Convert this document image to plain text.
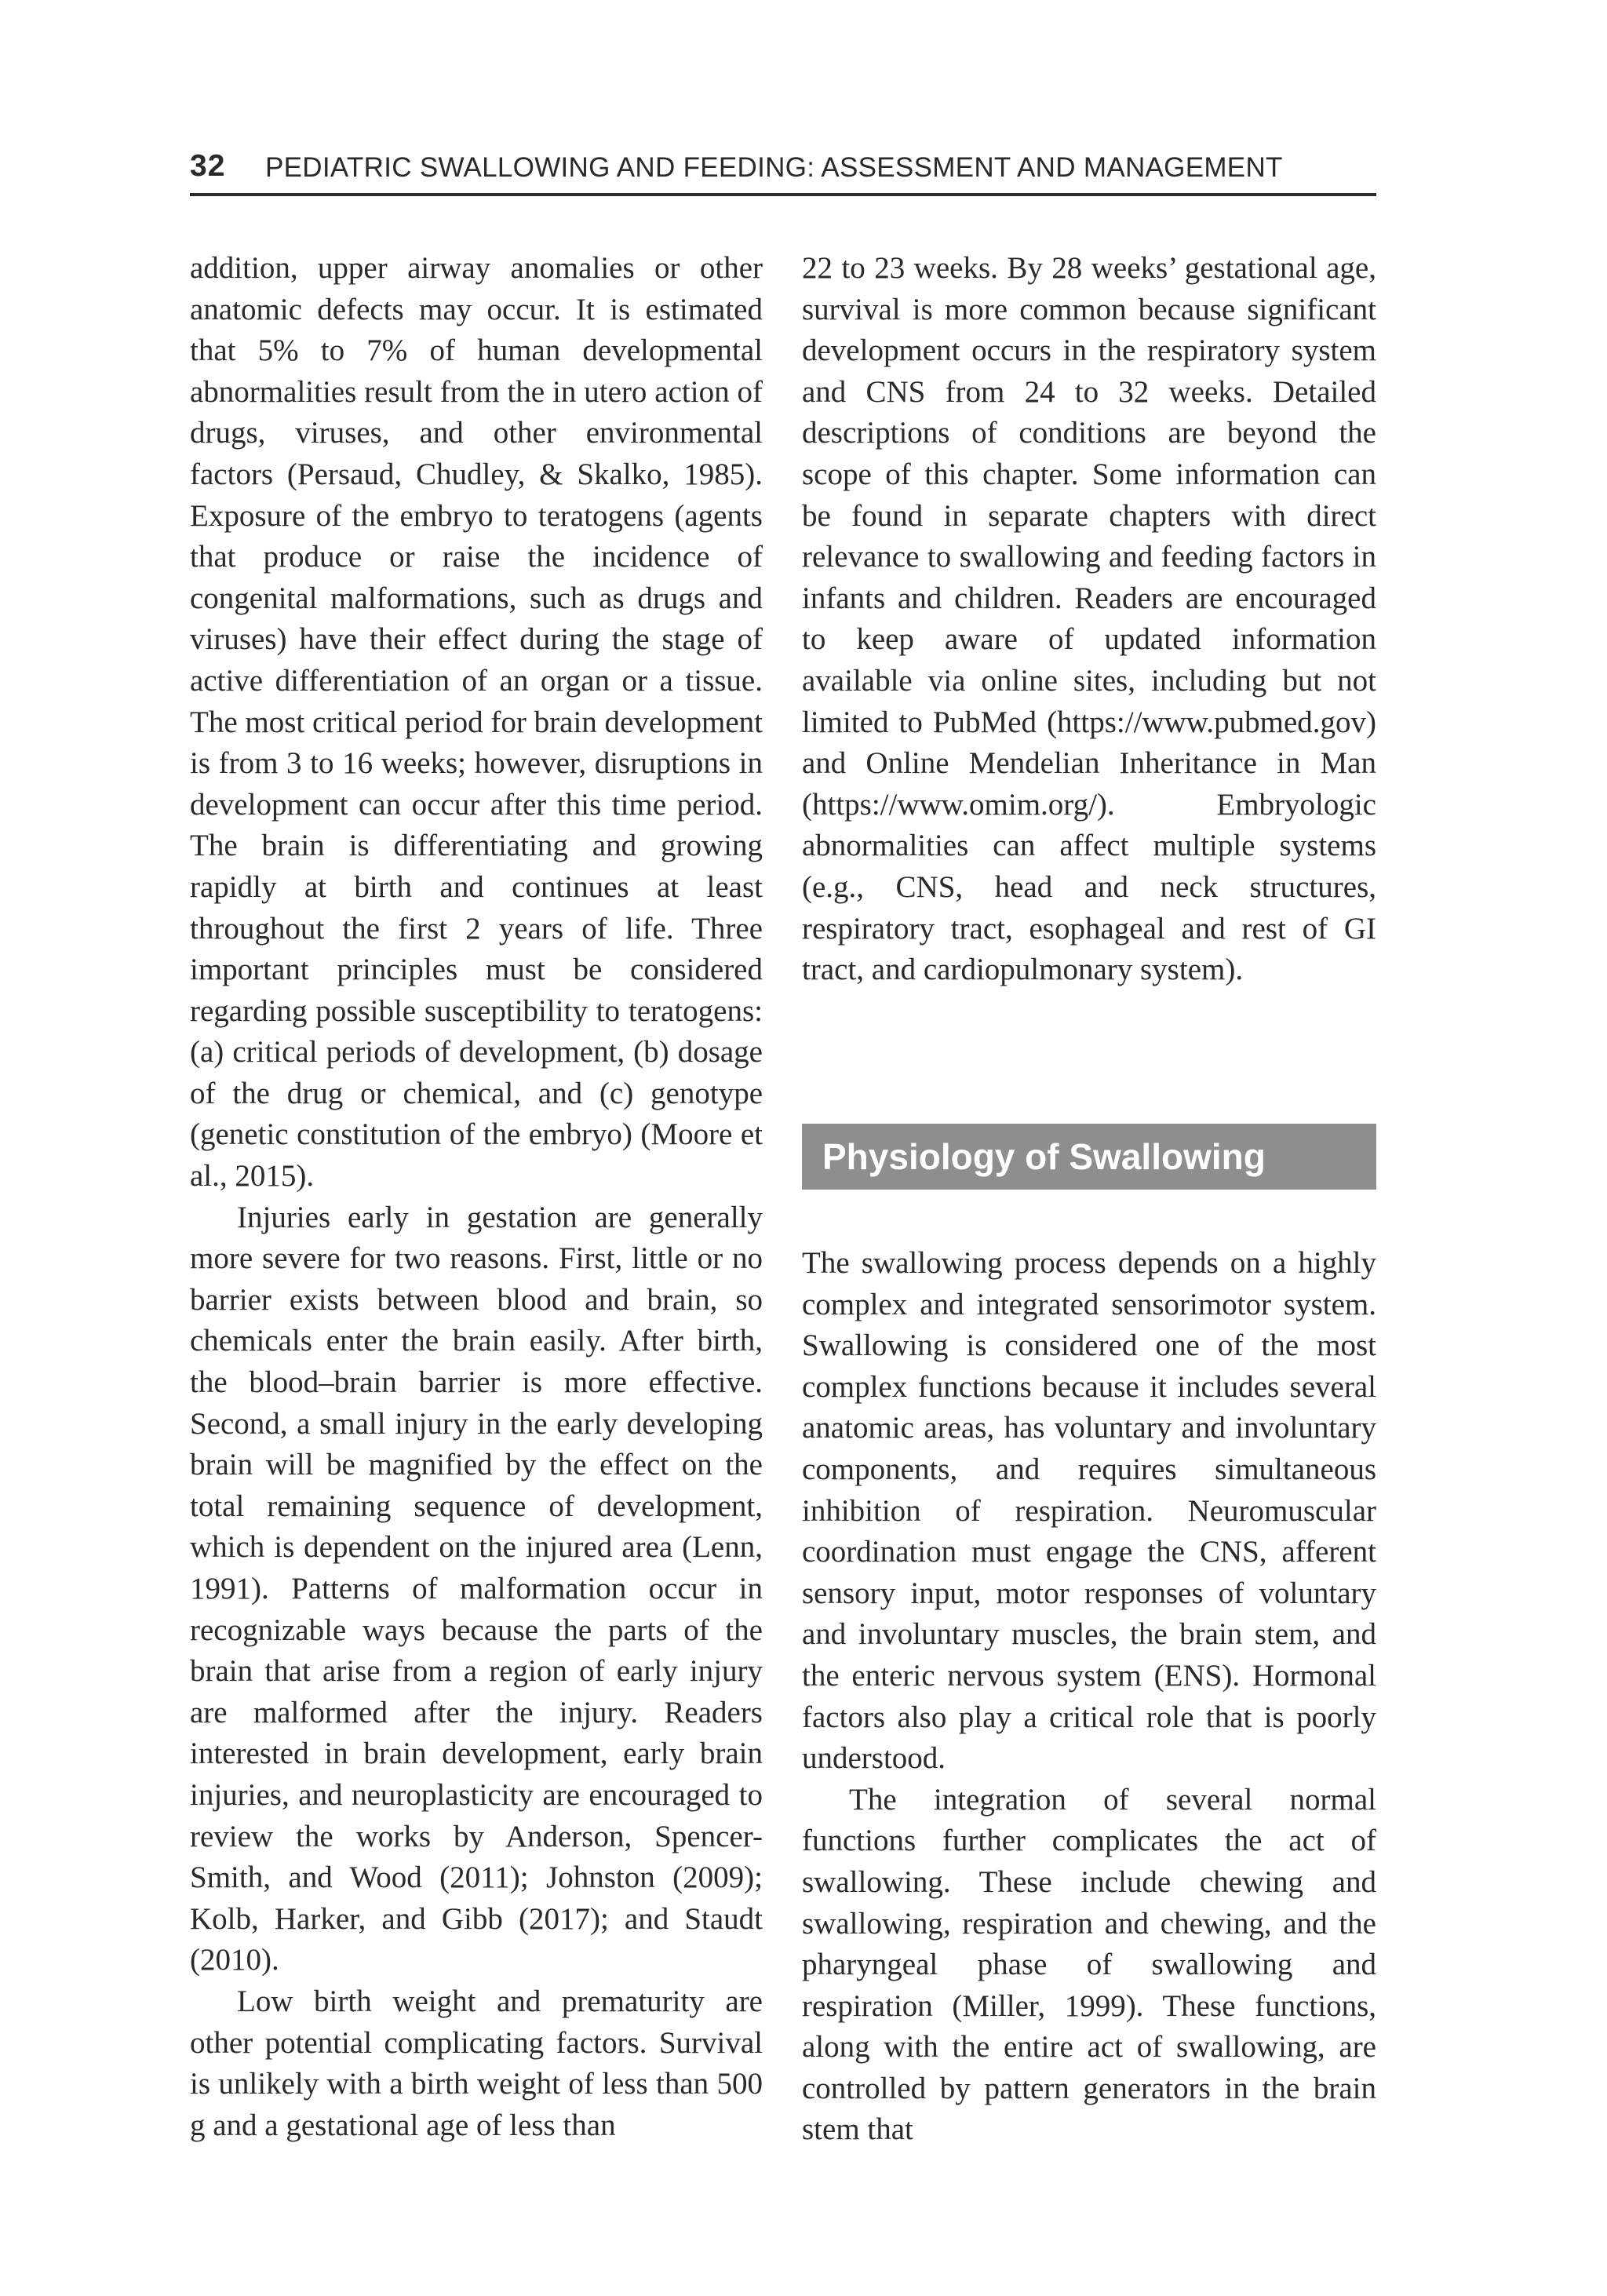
32 PEDIATRIC SWALLOWING AND FEEDING: ASSESSMENT AND MANAGEMENT

addition, upper airway anomalies or other anatomic defects may occur. It is estimated that 5% to 7% of human developmental abnormalities result from the in utero action of drugs, viruses, and other environmental factors (Persaud, Chudley, & Skalko, 1985). Exposure of the embryo to teratogens (agents that produce or raise the incidence of congenital malformations, such as drugs and viruses) have their effect during the stage of active differentiation of an organ or a tissue. The most critical period for brain development is from 3 to 16 weeks; however, disruptions in development can occur after this time period. The brain is differentiating and growing rapidly at birth and continues at least throughout the first 2 years of life. Three important principles must be considered regarding possible susceptibility to teratogens: (a) critical periods of development, (b) dosage of the drug or chemical, and (c) genotype (genetic constitution of the embryo) (Moore et al., 2015).

Injuries early in gestation are generally more severe for two reasons. First, little or no barrier exists between blood and brain, so chemicals enter the brain easily. After birth, the blood–brain barrier is more effective. Second, a small injury in the early developing brain will be magnified by the effect on the total remaining sequence of development, which is dependent on the injured area (Lenn, 1991). Patterns of malformation occur in recognizable ways because the parts of the brain that arise from a region of early injury are malformed after the injury. Readers interested in brain development, early brain injuries, and neuroplasticity are encouraged to review the works by Anderson, Spencer-Smith, and Wood (2011); Johnston (2009); Kolb, Harker, and Gibb (2017); and Staudt (2010).

Low birth weight and prematurity are other potential complicating factors. Survival is unlikely with a birth weight of less than 500 g and a gestational age of less than

22 to 23 weeks. By 28 weeks’ gestational age, survival is more common because significant development occurs in the respiratory system and CNS from 24 to 32 weeks. Detailed descriptions of conditions are beyond the scope of this chapter. Some information can be found in separate chapters with direct relevance to swallowing and feeding factors in infants and children. Readers are encouraged to keep aware of updated information available via online sites, including but not limited to PubMed (https://www.pubmed.gov) and Online Mendelian Inheritance in Man (https://www.omim.org/). Embryologic abnormalities can affect multiple systems (e.g., CNS, head and neck structures, respiratory tract, esophageal and rest of GI tract, and cardiopulmonary system).

Physiology of Swallowing

The swallowing process depends on a highly complex and integrated sensorimotor system. Swallowing is considered one of the most complex functions because it includes several anatomic areas, has voluntary and involuntary components, and requires simultaneous inhibition of respiration. Neuromuscular coordination must engage the CNS, afferent sensory input, motor responses of voluntary and involuntary muscles, the brain stem, and the enteric nervous system (ENS). Hormonal factors also play a critical role that is poorly understood.

The integration of several normal functions further complicates the act of swallowing. These include chewing and swallowing, respiration and chewing, and the pharyngeal phase of swallowing and respiration (Miller, 1999). These functions, along with the entire act of swallowing, are controlled by pattern generators in the brain stem that
